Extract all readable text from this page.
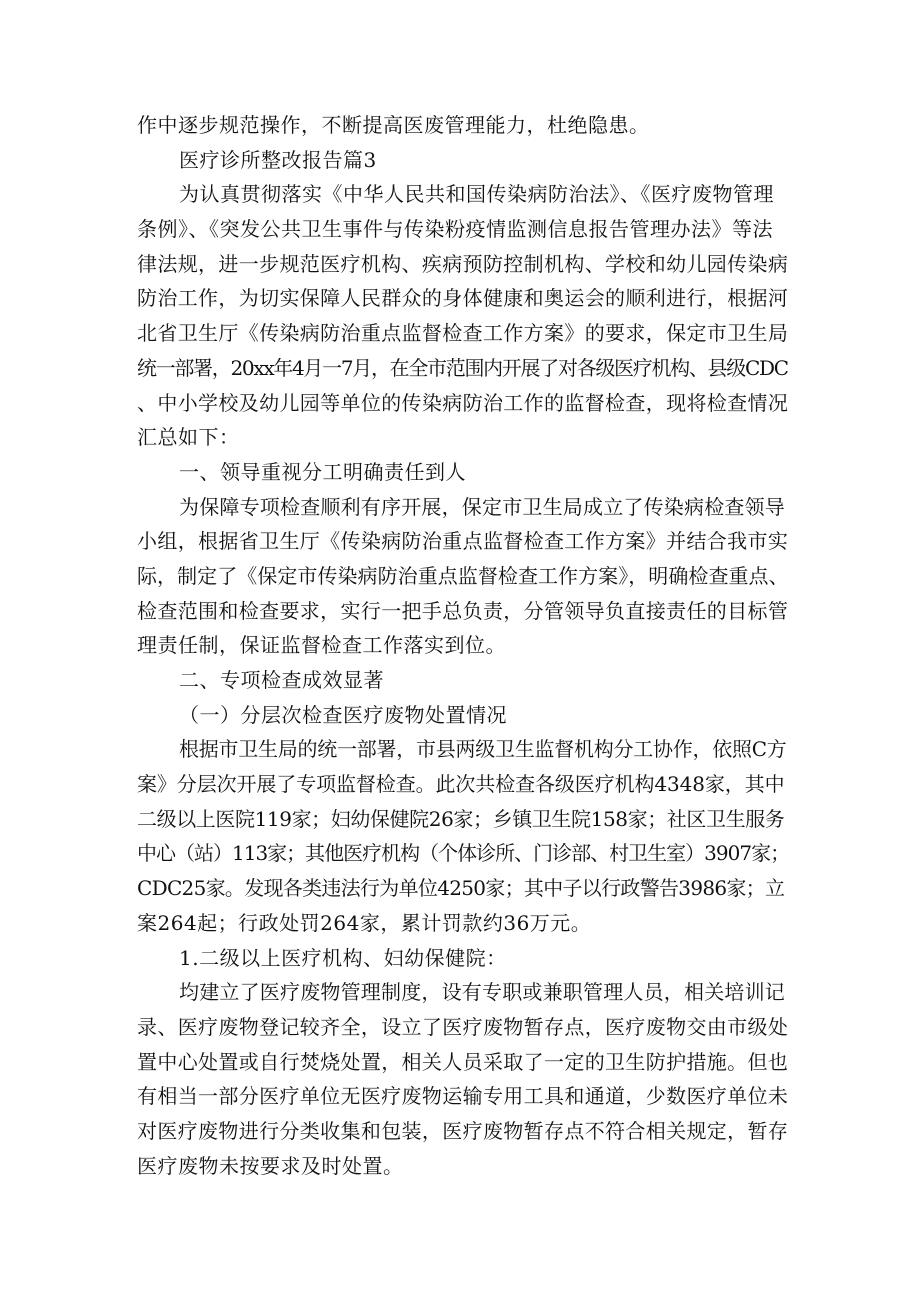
作中逐步规范操作，不断提高医废管理能力，杜绝隐患。
医疗诊所整改报告篇3
为认真贯彻落实《中华人民共和国传染病防治法》、《医疗废物管理
条例》、《突发公共卫生事件与传染粉疫情监测信息报告管理办法》等法
律法规，进一步规范医疗机构、疾病预防控制机构、学校和幼儿园传染病
防治工作，为切实保障人民群众的身体健康和奥运会的顺利进行，根据河
北省卫生厅《传染病防治重点监督检查工作方案》的要求，保定市卫生局
统一部署，20xx年4月一7月，在全市范围内开展了对各级医疗机构、县级CDC
、中小学校及幼儿园等单位的传染病防治工作的监督检查，现将检查情况
汇总如下：
一、领导重视分工明确责任到人
为保障专项检查顺利有序开展，保定市卫生局成立了传染病检查领导
小组，根据省卫生厅《传染病防治重点监督检查工作方案》并结合我市实
际，制定了《保定市传染病防治重点监督检查工作方案》，明确检查重点、
检查范围和检查要求，实行一把手总负责，分管领导负直接责任的目标管
理责任制，保证监督检查工作落实到位。
二、专项检查成效显著
（一）分层次检查医疗废物处置情况
根据市卫生局的统一部署，市县两级卫生监督机构分工协作，依照C方
案》分层次开展了专项监督检查。此次共检查各级医疗机构4348家，其中
二级以上医院119家；妇幼保健院26家；乡镇卫生院158家；社区卫生服务
中心（站）113家；其他医疗机构（个体诊所、门诊部、村卫生室）3907家；
CDC25家。发现各类违法行为单位4250家；其中子以行政警告3986家；立
案264起；行政处罚264家，累计罚款约36万元。
1.二级以上医疗机构、妇幼保健院：
均建立了医疗废物管理制度，设有专职或兼职管理人员，相关培训记
录、医疗废物登记较齐全，设立了医疗废物暂存点，医疗废物交由市级处
置中心处置或自行焚烧处置，相关人员采取了一定的卫生防护措施。但也
有相当一部分医疗单位无医疗废物运输专用工具和通道，少数医疗单位未
对医疗废物进行分类收集和包装，医疗废物暂存点不符合相关规定，暂存
医疗废物未按要求及时处置。
